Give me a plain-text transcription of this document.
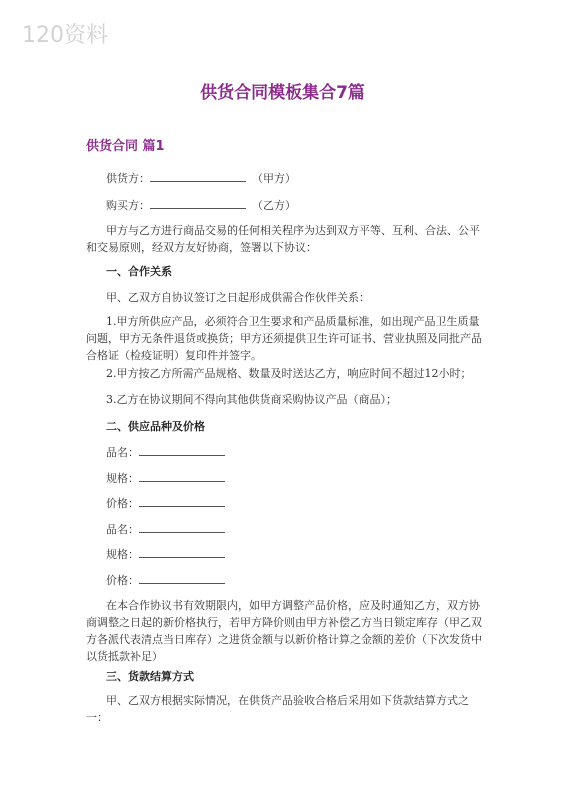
120资料
供货合同模板集合7篇
供货合同 篇1
供货方：	（甲方）
购买方：	（乙方）
甲方与乙方进行商品交易的任何相关程序为达到双方平等、互利、合法、公平和交易原则，经双方友好协商，签署以下协议：
一、合作关系
甲、乙双方自协议签订之日起形成供需合作伙伴关系：
1.甲方所供应产品，必须符合卫生要求和产品质量标准，如出现产品卫生质量问题，甲方无条件退货或换货；甲方还须提供卫生许可证书、营业执照及同批产品合格证（检疫证明）复印件并签字。
2.甲方按乙方所需产品规格、数量及时送达乙方，响应时间不超过12小时；
3.乙方在协议期间不得向其他供货商采购协议产品（商品）；
二、供应品种及价格
品名：
规格：
价格：
品名：
规格：
价格：
在本合作协议书有效期限内，如甲方调整产品价格，应及时通知乙方，双方协商调整之日起的新价格执行，若甲方降价则由甲方补偿乙方当日锁定库存（甲乙双方各派代表清点当日库存）之进货金额与以新价格计算之金额的差价（下次发货中以货抵款补足）
三、货款结算方式
甲、乙双方根据实际情况，在供货产品验收合格后采用如下货款结算方式之一：
